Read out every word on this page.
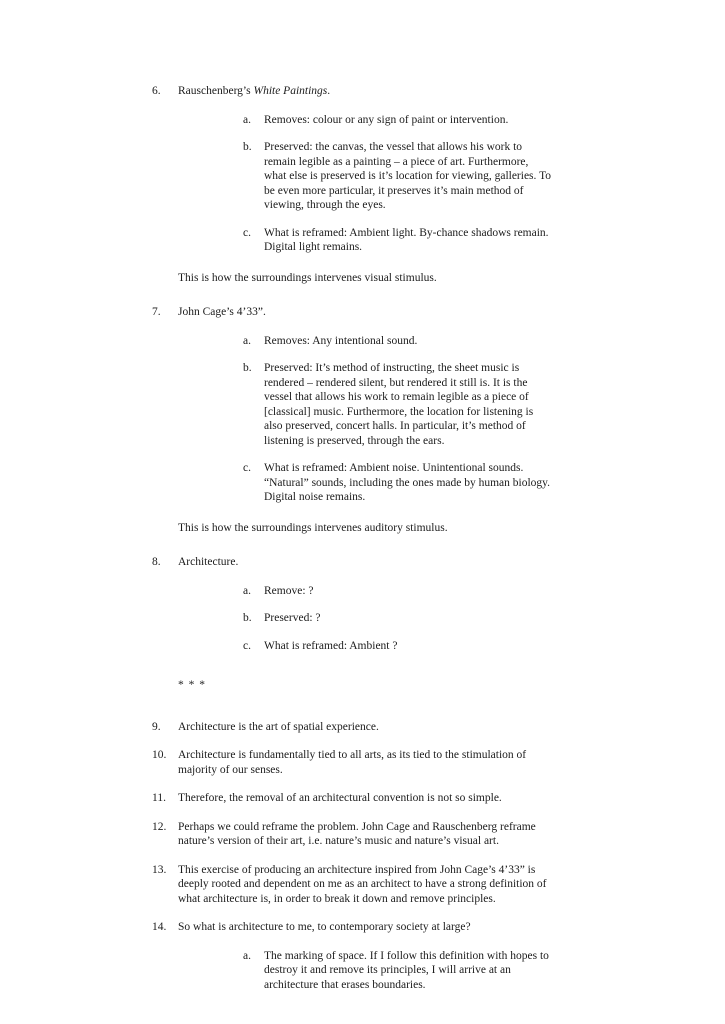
6.	Rauschenberg’s White Paintings.

a.	Removes: colour or any sign of paint or intervention.

b.	Preserved: the canvas, the vessel that allows his work to remain legible as a painting – a piece of art. Furthermore, what else is preserved is it’s location for viewing, galleries. To be even more particular, it preserves it’s main method of viewing, through the eyes.

c.	What is reframed: Ambient light. By-chance shadows remain. Digital light remains.

This is how the surroundings intervenes visual stimulus.

7.	John Cage’s 4’33”.

a.	Removes: Any intentional sound.

b.	Preserved: It’s method of instructing, the sheet music is rendered – rendered silent, but rendered it still is. It is the vessel that allows his work to remain legible as a piece of [classical] music. Furthermore, the location for listening is also preserved, concert halls. In particular, it’s method of listening is preserved, through the ears.

c.	What is reframed: Ambient noise. Unintentional sounds. “Natural” sounds, including the ones made by human biology. Digital noise remains.

This is how the surroundings intervenes auditory stimulus.

8.	Architecture.

a.	Remove: ?

b.	Preserved: ?

c.	What is reframed: Ambient ?

* * *

9.	Architecture is the art of spatial experience.

10.	Architecture is fundamentally tied to all arts, as its tied to the stimulation of majority of our senses.

11.	Therefore, the removal of an architectural convention is not so simple.

12.	Perhaps we could reframe the problem. John Cage and Rauschenberg reframe nature’s version of their art, i.e. nature’s music and nature’s visual art.

13.	This exercise of producing an architecture inspired from John Cage’s 4’33” is deeply rooted and dependent on me as an architect to have a strong definition of what architecture is, in order to break it down and remove principles.

14.	So what is architecture to me, to contemporary society at large?

a.	The marking of space. If I follow this definition with hopes to destroy it and remove its principles, I will arrive at an architecture that erases boundaries.
